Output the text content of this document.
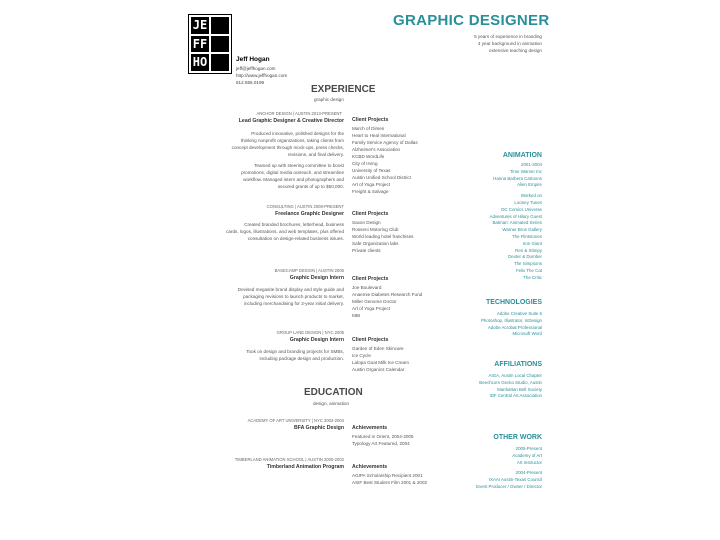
JE
FF
HO	Jeff Hogan
jeff@jeffhogan.com
http://www.jeffhogan.com
512.555.0199
GRAPHIC DESIGNER
5 years of experience in branding
4 year background in animation
extensive teaching design
EXPERIENCE
graphic design
ANCHOR DESIGN | AUSTIN 2013-PRESENT
Lead Graphic Designer & Creative Director
Produced innovative, polished designs for the
thinking nonprofit organizations, taking clients from
concept development through mock-ups, press checks,
revisions, and final delivery.
Teamed up with steering committee to boost
promotions, digital media outreach, and streamline
workflow. Managed intern and photographers and
secured grants of up to $50,000.
Client Projects
March of Dimes
Heart to Heal International
Family Service Agency of Dallas
Alzheimer's Association
KCBD WordLife
City of Irving
University of Texas
Austin Unified School District
Art of Yoga Project
Freight & Salvage
CONSULTING | AUSTIN 2008-PRESENT
Freelance Graphic Designer
Created branded brochures, letterhead, business
cards, logos, illustrations, and web templates, plus offered
consultation on design-related business issues.
Client Projects
Saxon Design
Rosseni Motoring Club
World leading hotel franchises
Safe Organization labs
Private clients
BASECAMP DESIGN | AUSTIN 2006
Graphic Design Intern
Devised megasite brand display and style guide and
packaging revisions to launch products to market,
including merchandising for 3-year initial delivery.
Client Projects
Joe Boulevard
Anaemie Diabetes Research Fund
Miller Genome Doctor
Art of Yoga Project
MBI
GROUP LANE DESIGN | NYC 2005
Graphic Design Intern
Took on design and branding projects for SMBs,
including package design and production.
Client Projects
Garden of Eden Skincare
Ice Cycle
Lalopa Goat Milk Ice Cream
Austin Organics Calendar
EDUCATION
design, animation
ACADEMY OF ART UNIVERSITY | NYC 2002-2004
BFA Graphic Design Achievements
Featured in Orient, 2004-2005
Typology Art Featured, 2004
TIMBERLAND ANIMATION SCHOOL | AUSTIN 2000-2002
Timberland Animation Program Achievements
AGIPA Scholarship Recipient 2001
ASIF Best Student Film 2001 & 2002
ANIMATION
2001-2004
Time Warner Inc
Hanna Barbera Cartoons
Alien Empire
Worked on
Looney Tunes
DC Comics Universe
Adventures of Hilary Guest
Batman: Animated Series
Warner Bros Gallery
The Flintstones
Iron Giant
Ren & Stimpy
Dexter & Dumber
The Simpsons
Felix The Cat
The Critic
TECHNOLOGIES
Adobe Creative Suite 6
Photoshop, Illustrator, InDesign
Adobe Acrobat Professional
Microsoft Word
AFFILIATIONS
AIGA, Austin Local Chapter
Beechcom Gecko Studio, Austin
Manhattan Bell Society
IDF Central Art Association
OTHER WORK
2005-Present
Academy of Art
Art Instructor
2004-Present
IXAAI Austin-Texas Council
Event Producer / Owner / Director
